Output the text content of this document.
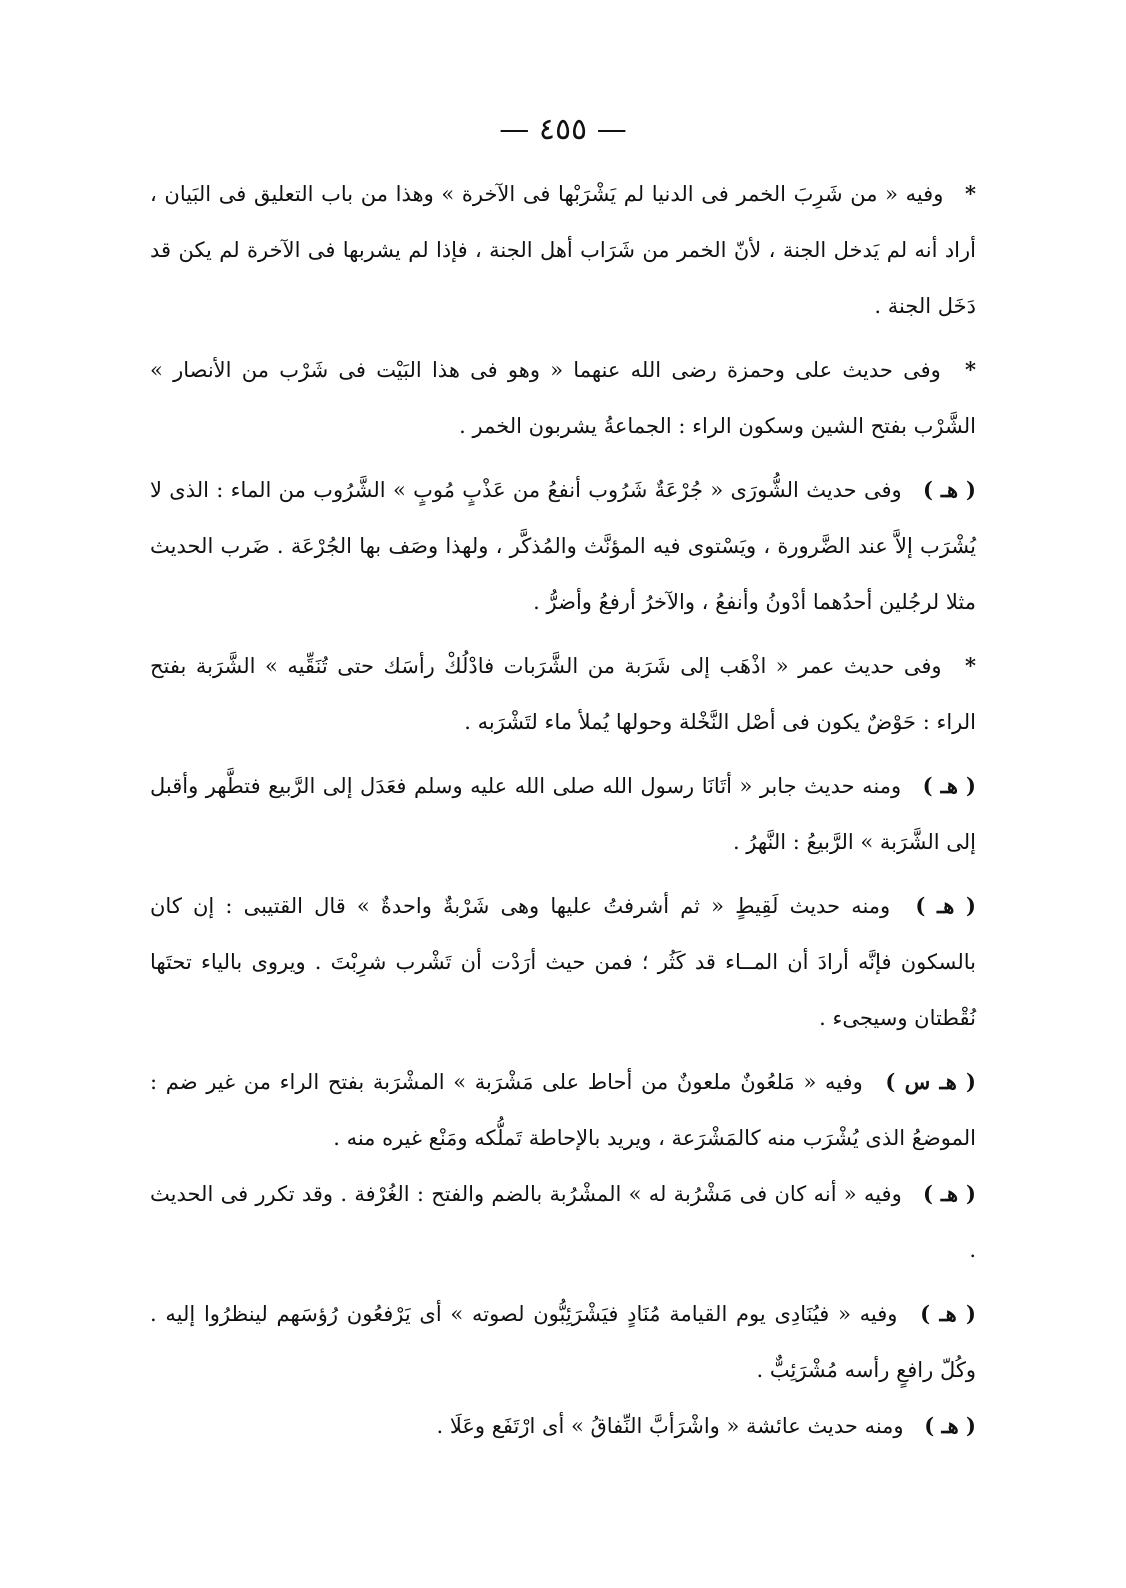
— ٤٥٥ —

* وفيه « من شَرِبَ الخمر فى الدنيا لم يَشْرَبْها فى الآخرة » وهذا من باب التعليق فى البَيان ، أراد أنه لم يَدخل الجنة ، لأنّ الخمر من شَرَاب أهل الجنة ، فإذا لم يشربها فى الآخرة لم يكن قد دَخَل الجنة .

* وفى حديث على وحمزة رضى الله عنهما « وهو فى هذا البَيْت فى شَرْب من الأنصار » الشَّرْب بفتح الشين وسكون الراء : الجماعةُ يشربون الخمر .

( هـ ) وفى حديث الشُّورَى « جُرْعَةٌ شَرُوب أنفعُ من عَذْبٍ مُوبٍ » الشَّرُوب من الماء : الذى لا يُشْرَب إلاَّ عند الضَّرورة ، ويَسْتوى فيه المؤنَّث والمُذكَّر ، ولهذا وصَف بها الجُرْعَة . ضَرب الحديث مثلا لرجُلين أحدُهما أدْونُ وأنفعُ ، والآخرُ أرفعُ وأضرُّ .

* وفى حديث عمر « اذْهَب إلى شَرَبة من الشَّرَبات فادْلُكْ رأسَك حتى تُنَقِّيه » الشَّرَبة بفتح الراء : حَوْضٌ يكون فى أصْل النَّخْلة وحولها يُملأ ماء لتَشْرَبه .

( هـ ) ومنه حديث جابر « أتَانَا رسول الله صلى الله عليه وسلم فعَدَل إلى الرَّبيع فتطَّهر وأقبل إلى الشَّرَبة » الرَّبيعُ : النَّهرُ .

( هـ ) ومنه حديث لَقِيطٍ « ثم أشرفتُ عليها وهى شَرْبةٌ واحدةٌ » قال القتيبى : إن كان بالسكون فإنَّه أرادَ أن المــاء قد كَثُر ؛ فمن حيث أرَدْت أن تَشْرب شرِبْتَ . ويروى بالياء تحتَها نُقْطتان وسيجىء .

( هـ س ) وفيه « مَلعُونٌ ملعونٌ من أحاط على مَشْرَبة » المشْرَبة بفتح الراء من غير ضم : الموضعُ الذى يُشْرَب منه كالمَشْرَعة ، ويريد بالإحاطة تَملُّكه ومَنْع غيره منه .

( هـ ) وفيه « أنه كان فى مَشْرُبة له » المشْرُبة بالضم والفتح : الغُرْفة . وقد تكرر فى الحديث .

( هـ ) وفيه « فيُنَادِى يوم القيامة مُنَادٍ فيَشْرَئِبُّون لصوته » أى يَرْفعُون رُؤسَهم لينظرُوا إليه . وكُلّ رافعٍ رأسه مُشْرَئِبٌّ .

( هـ ) ومنه حديث عائشة « واشْرَأبَّ النِّفاقُ » أى ارْتَفَع وعَلَا .
